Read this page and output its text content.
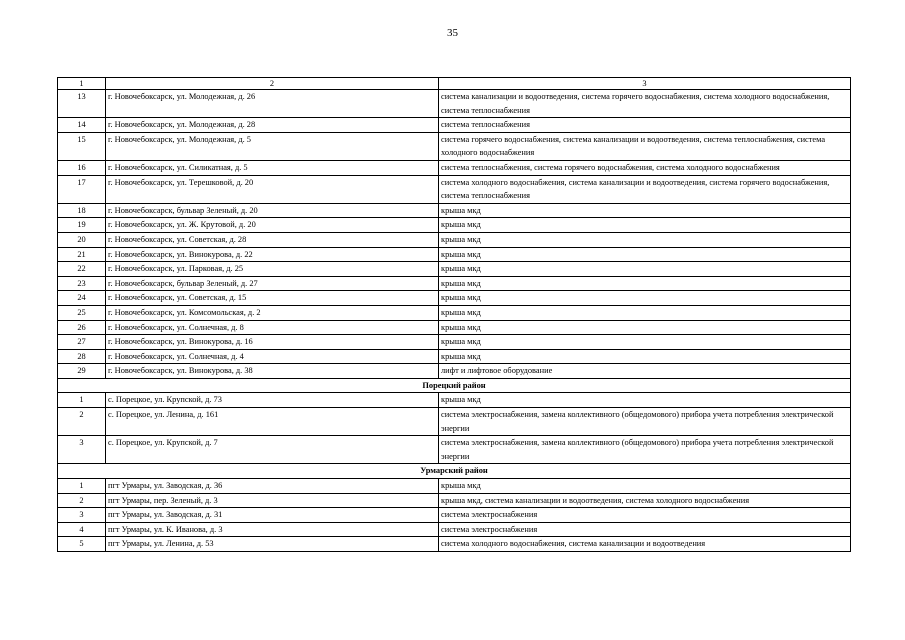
35
1	2	3
13	г. Новочебоксарск, ул. Молодежная, д. 26	система канализации и водоотведения, система горячего водоснабжения, система холодного водоснабжения, система теплоснабжения
14	г. Новочебоксарск, ул. Молодежная, д. 28	система теплоснабжения
15	г. Новочебоксарск, ул. Молодежная, д. 5	система горячего водоснабжения, система канализации и водоотведения, система теплоснабжения, система холодного водоснабжения
16	г. Новочебоксарск, ул. Силикатная, д. 5	система теплоснабжения, система горячего водоснабжения, система холодного водоснабжения
17	г. Новочебоксарск, ул. Терешковой, д. 20	система холодного водоснабжения, система канализации и водоотведения, система горячего водоснабжения, система теплоснабжения
18	г. Новочебоксарск, бульвар Зеленый, д. 20	крыша мкд
19	г. Новочебоксарск, ул. Ж. Крутовой, д. 20	крыша мкд
20	г. Новочебоксарск, ул. Советская, д. 28	крыша мкд
21	г. Новочебоксарск, ул. Винокурова, д. 22	крыша мкд
22	г. Новочебоксарск, ул. Парковая, д. 25	крыша мкд
23	г. Новочебоксарск, бульвар Зеленый, д. 27	крыша мкд
24	г. Новочебоксарск, ул. Советская, д. 15	крыша мкд
25	г. Новочебоксарск, ул. Комсомольская, д. 2	крыша мкд
26	г. Новочебоксарск, ул. Солнечная, д. 8	крыша мкд
27	г. Новочебоксарск, ул. Винокурова, д. 16	крыша мкд
28	г. Новочебоксарск, ул. Солнечная, д. 4	крыша мкд
29	г. Новочебоксарск, ул. Винокурова, д. 38	лифт и лифтовое оборудование
Порецкий район		
1	с. Порецкое, ул. Крупской, д. 73	крыша мкд
2	с. Порецкое, ул. Ленина, д. 161	система электроснабжения, замена коллективного (общедомового) прибора учета потребления электрической энергии
3	с. Порецкое, ул. Крупской, д. 7	система электроснабжения, замена коллективного (общедомового) прибора учета потребления электрической энергии
Урмарский район		
1	пгт Урмары, ул. Заводская, д. 36	крыша мкд
2	пгт Урмары, пер. Зеленый, д. 3	крыша мкд, система канализации и водоотведения, система холодного водоснабжения
3	пгт Урмары, ул. Заводская, д. 31	система электроснабжения
4	пгт Урмары, ул. К. Иванова, д. 3	система электроснабжения
5	пгт Урмары, ул. Ленина, д. 53	система холодного водоснабжения, система канализации и водоотведения
